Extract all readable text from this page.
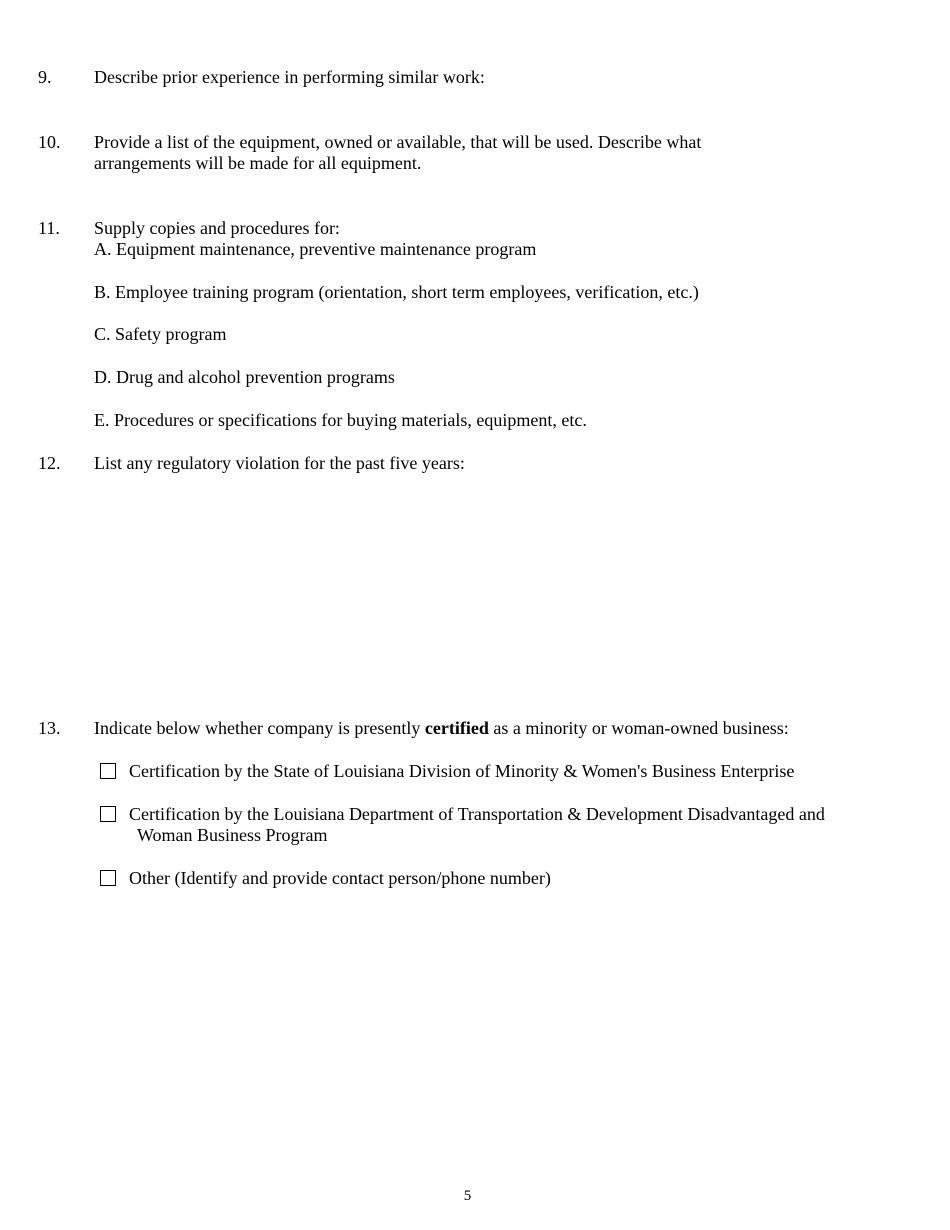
9. Describe prior experience in performing similar work:
10. Provide a list of the equipment, owned or available, that will be used. Describe what
arrangements will be made for all equipment.
11. Supply copies and procedures for:
A. Equipment maintenance, preventive maintenance program
B. Employee training program (orientation, short term employees, verification, etc.)
C. Safety program
D. Drug and alcohol prevention programs
E. Procedures or specifications for buying materials, equipment, etc.
12. List any regulatory violation for the past five years:
13. Indicate below whether company is presently certified as a minority or woman-owned business:
Certification by the State of Louisiana Division of Minority & Women's Business Enterprise
Certification by the Louisiana Department of Transportation & Development Disadvantaged and
Woman Business Program
Other (Identify and provide contact person/phone number)
5
